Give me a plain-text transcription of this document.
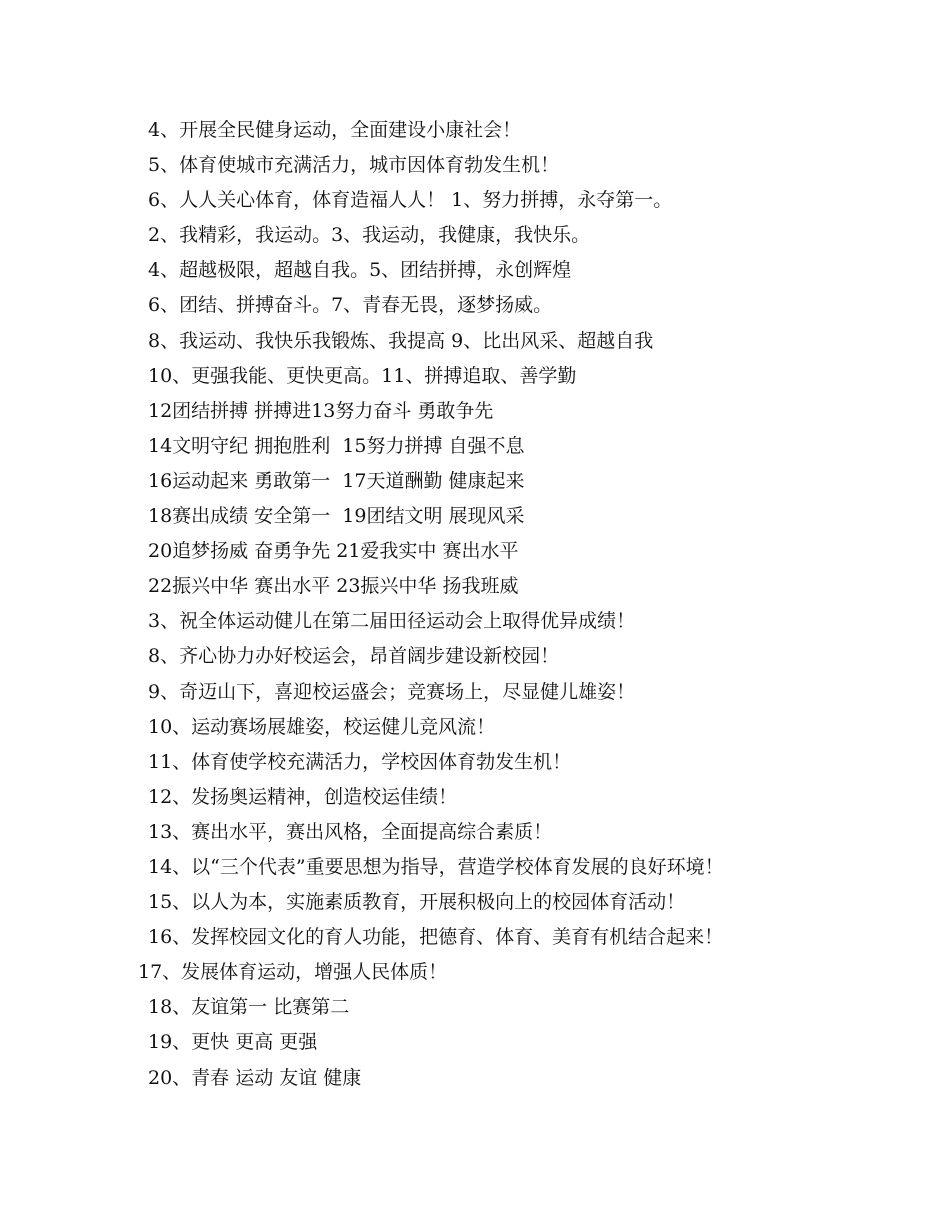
4、开展全民健身运动，全面建设小康社会！
5、体育使城市充满活力，城市因体育勃发生机！
6、人人关心体育，体育造福人人！ 1、努力拼搏，永夺第一。
2、我精彩，我运动。3、我运动，我健康，我快乐。
4、超越极限，超越自我。5、团结拼搏，永创辉煌
6、团结、拼搏奋斗。7、青春无畏，逐梦扬威。
8、我运动、我快乐我锻炼、我提高 9、比出风采、超越自我
10、更强我能、更快更高。11、拼搏追取、善学勤
12团结拼搏 拼搏进13努力奋斗 勇敢争先
14文明守纪 拥抱胜利  15努力拼搏 自强不息
16运动起来 勇敢第一  17天道酬勤 健康起来
18赛出成绩 安全第一  19团结文明 展现风采
20追梦扬威 奋勇争先 21爱我实中 赛出水平
22振兴中华 赛出水平 23振兴中华 扬我班威
3、祝全体运动健儿在第二届田径运动会上取得优异成绩！
8、齐心协力办好校运会，昂首阔步建设新校园！
9、奇迈山下，喜迎校运盛会；竞赛场上，尽显健儿雄姿！
10、运动赛场展雄姿，校运健儿竞风流！
11、体育使学校充满活力，学校因体育勃发生机！
12、发扬奥运精神，创造校运佳绩！
13、赛出水平，赛出风格，全面提高综合素质！
14、以“三个代表”重要思想为指导，营造学校体育发展的良好环境！
15、以人为本，实施素质教育，开展积极向上的校园体育活动！
16、发挥校园文化的育人功能，把德育、体育、美育有机结合起来！
17、发展体育运动，增强人民体质！
18、友谊第一 比赛第二
19、更快 更高 更强
20、青春 运动 友谊 健康
